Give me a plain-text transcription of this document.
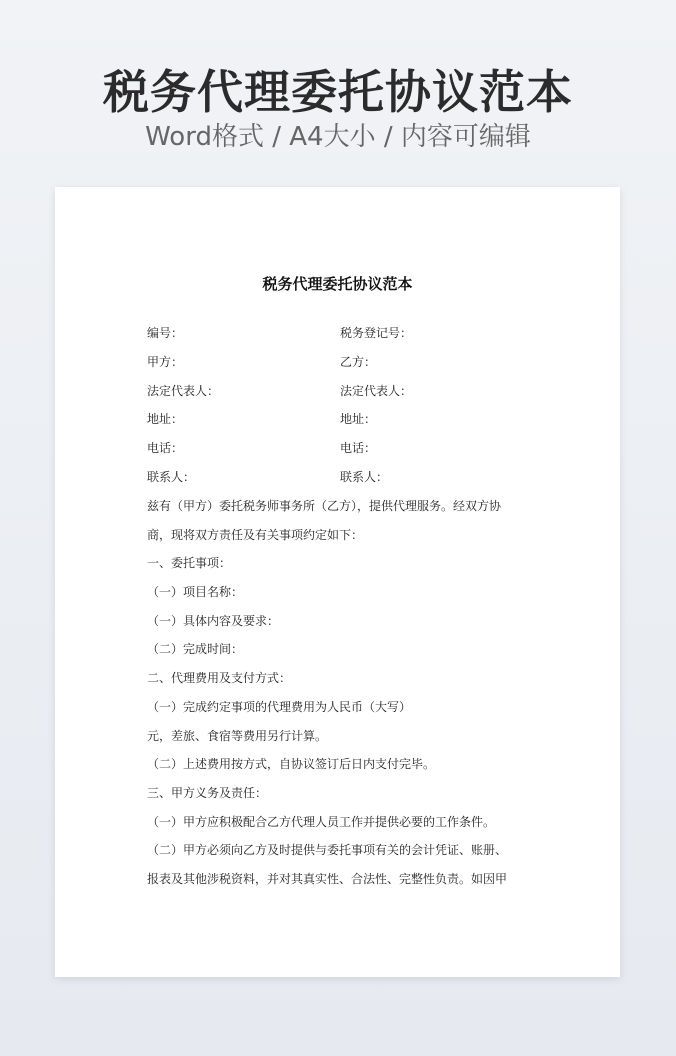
税务代理委托协议范本
Word格式 / A4大小 / 内容可编辑
税务代理委托协议范本
编号：	税务登记号：
甲方：	乙方：
法定代表人：	法定代表人：
地址：	地址：
电话：	电话：
联系人：	联系人：
兹有（甲方）委托税务师事务所（乙方），提供代理服务。经双方协
商，现将双方责任及有关事项约定如下：
一、委托事项：
（一）项目名称：
（一）具体内容及要求：
（二）完成时间：
二、代理费用及支付方式：
（一）完成约定事项的代理费用为人民币（大写）
元，差旅、食宿等费用另行计算。
（二）上述费用按方式，自协议签订后日内支付完毕。
三、甲方义务及责任：
（一）甲方应积极配合乙方代理人员工作并提供必要的工作条件。
（二）甲方必须向乙方及时提供与委托事项有关的会计凭证、账册、
报表及其他涉税资料，并对其真实性、合法性、完整性负责。如因甲
